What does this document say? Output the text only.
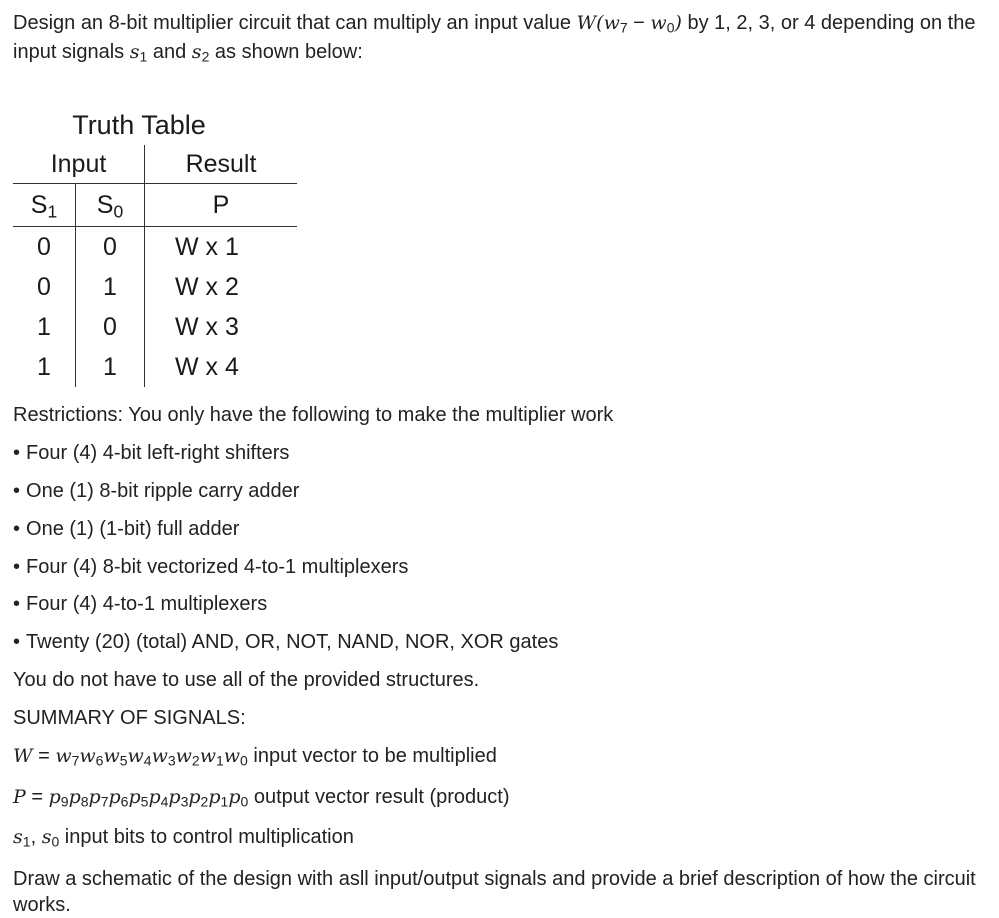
Design an 8-bit multiplier circuit that can multiply an input value $W(w_7 - w_0)$ by 1, 2, 3, or 4 depending on the input signals $s_1$ and $s_2$ as shown below:
Truth Table
Input		Result
$S_1$	$S_0$	P
0	0	W x 1
0	1	W x 2
1	0	W x 3
1	1	W x 4
Restrictions: You only have the following to make the multiplier work
• Four (4) 4-bit left-right shifters
• One (1) 8-bit ripple carry adder
• One (1) (1-bit) full adder
• Four (4) 8-bit vectorized 4-to-1 multiplexers
• Four (4) 4-to-1 multiplexers
• Twenty (20) (total) AND, OR, NOT, NAND, NOR, XOR gates
You do not have to use all of the provided structures.
SUMMARY OF SIGNALS:
$W = w_7w_6w_5w_4w_3w_2w_1w_0$ input vector to be multiplied
$P = p_9p_8p_7p_6p_5p_4p_3p_2p_1p_0$ output vector result (product)
$s_1$, $s_0$ input bits to control multiplication
Draw a schematic of the design with asll input/output signals and provide a brief description of how the circuit works.
